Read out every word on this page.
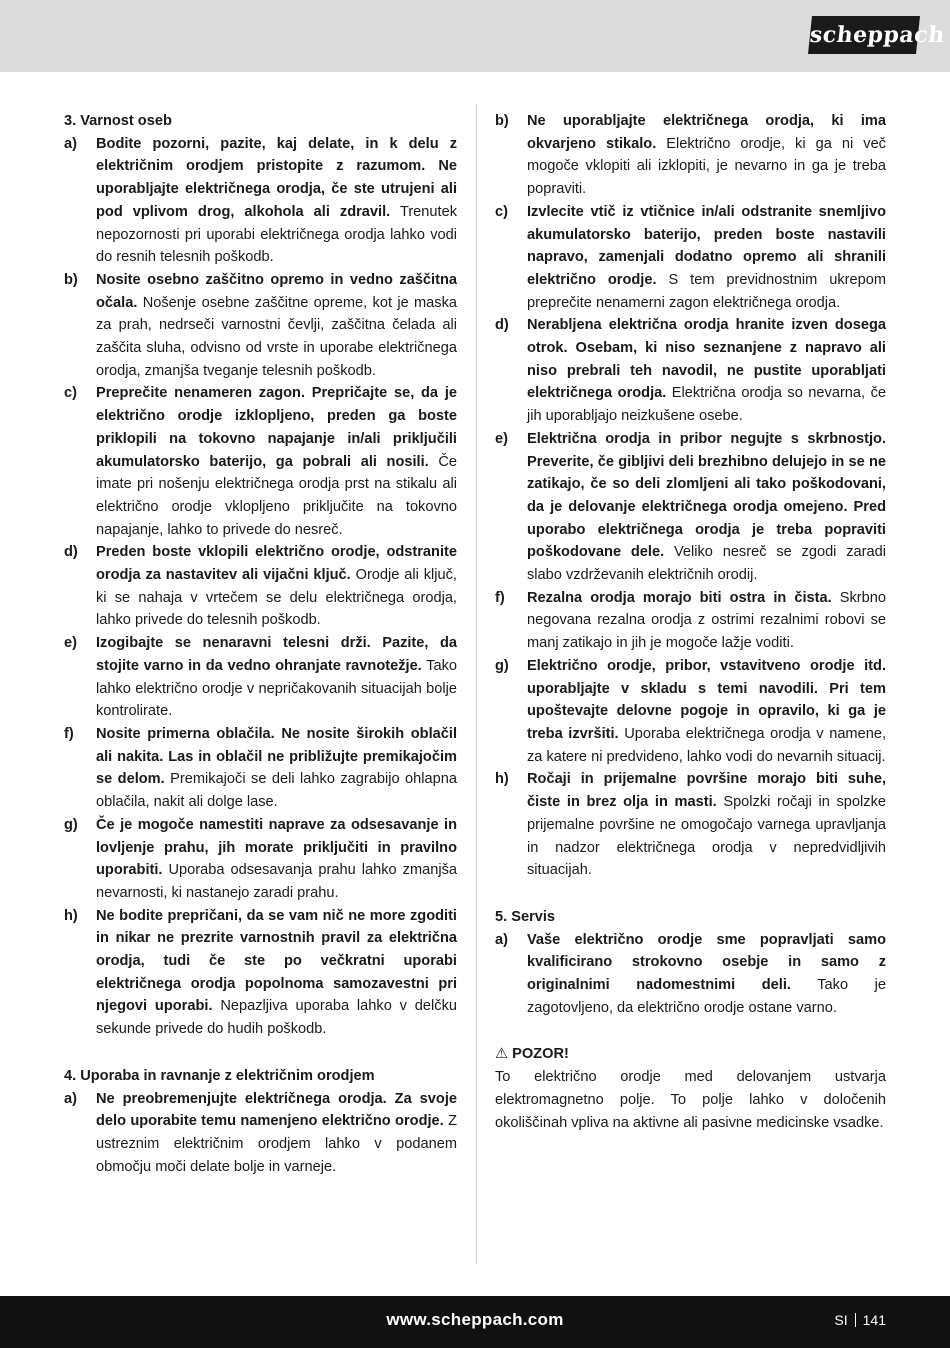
scheppach

3. Varnost oseb

a)	Bodite pozorni, pazite, kaj delate, in k delu z električnim orodjem pristopite z razumom. Ne uporabljajte električnega orodja, če ste utrujeni ali pod vplivom drog, alkohola ali zdravil. Trenutek nepozornosti pri uporabi električnega orodja lahko vodi do resnih telesnih poškodb.
b)	Nosite osebno zaščitno opremo in vedno zaščitna očala. Nošenje osebne zaščitne opreme, kot je maska za prah, nedrseči varnostni čevlji, zaščitna čelada ali zaščita sluha, odvisno od vrste in uporabe električnega orodja, zmanjša tveganje telesnih poškodb.
c)	Preprečite nenameren zagon. Prepričajte se, da je električno orodje izklopljeno, preden ga boste priklopili na tokovno napajanje in/ali priključili akumulatorsko baterijo, ga pobrali ali nosili. Če imate pri nošenju električnega orodja prst na stikalu ali električno orodje vklopljeno priključite na tokovno napajanje, lahko to privede do nesreč.
d)	Preden boste vklopili električno orodje, odstranite orodja za nastavitev ali vijačni ključ. Orodje ali ključ, ki se nahaja v vrtečem se delu električnega orodja, lahko privede do telesnih poškodb.
e)	Izogibajte se nenaravni telesni drži. Pazite, da stojite varno in da vedno ohranjate ravnotežje. Tako lahko električno orodje v nepričakovanih situacijah bolje kontrolirate.
f)	Nosite primerna oblačila. Ne nosite širokih oblačil ali nakita. Las in oblačil ne približujte premikajočim se delom. Premikajoči se deli lahko zagrabijo ohlapna oblačila, nakit ali dolge lase.
g)	Če je mogoče namestiti naprave za odsesavanje in lovljenje prahu, jih morate priključiti in pravilno uporabiti. Uporaba odsesavanja prahu lahko zmanjša nevarnosti, ki nastanejo zaradi prahu.
h)	Ne bodite prepričani, da se vam nič ne more zgoditi in nikar ne prezrite varnostnih pravil za električna orodja, tudi če ste po večkratni uporabi električnega orodja popolnoma samozavestni pri njegovi uporabi. Nepazljiva uporaba lahko v delčku sekunde privede do hudih poškodb.

4. Uporaba in ravnanje z električnim orodjem

a)	Ne preobremenjujte električnega orodja. Za svoje delo uporabite temu namenjeno električno orodje. Z ustreznim električnim orodjem lahko v podanem območju moči delate bolje in varneje.
b)	Ne uporabljajte električnega orodja, ki ima okvarjeno stikalo. Električno orodje, ki ga ni več mogoče vklopiti ali izklopiti, je nevarno in ga je treba popraviti.
c)	Izvlecite vtič iz vtičnice in/ali odstranite snemljivo akumulatorsko baterijo, preden boste nastavili napravo, zamenjali dodatno opremo ali shranili električno orodje. S tem previdnostnim ukrepom preprečite nenamerni zagon električnega orodja.
d)	Nerabljena električna orodja hranite izven dosega otrok. Osebam, ki niso seznanjene z napravo ali niso prebrali teh navodil, ne pustite uporabljati električnega orodja. Električna orodja so nevarna, če jih uporabljajo neizkušene osebe.
e)	Električna orodja in pribor negujte s skrbnostjo. Preverite, če gibljivi deli brezhibno delujejo in se ne zatikajo, če so deli zlomljeni ali tako poškodovani, da je delovanje električnega orodja omejeno. Pred uporabo električnega orodja je treba popraviti poškodovane dele. Veliko nesreč se zgodi zaradi slabo vzdrževanih električnih orodij.
f)	Rezalna orodja morajo biti ostra in čista. Skrbno negovana rezalna orodja z ostrimi rezalnimi robovi se manj zatikajo in jih je mogoče lažje voditi.
g)	Električno orodje, pribor, vstavitveno orodje itd. uporabljajte v skladu s temi navodili. Pri tem upoštevajte delovne pogoje in opravilo, ki ga je treba izvršiti. Uporaba električnega orodja v namene, za katere ni predvideno, lahko vodi do nevarnih situacij.
h)	Ročaji in prijemalne površine morajo biti suhe, čiste in brez olja in masti. Spolzki ročaji in spolzke prijemalne površine ne omogočajo varnega upravljanja in nadzor električnega orodja v nepredvidljivih situacijah.

5. Servis

a)	Vaše električno orodje sme popravljati samo kvalificirano strokovno osebje in samo z originalnimi nadomestnimi deli. Tako je zagotovljeno, da električno orodje ostane varno.

⚠ POZOR!

To električno orodje med delovanjem ustvarja elektromagnetno polje. To polje lahko v določenih okoliščinah vpliva na aktivne ali pasivne medicinske vsadke.

www.scheppach.com	SI 141
